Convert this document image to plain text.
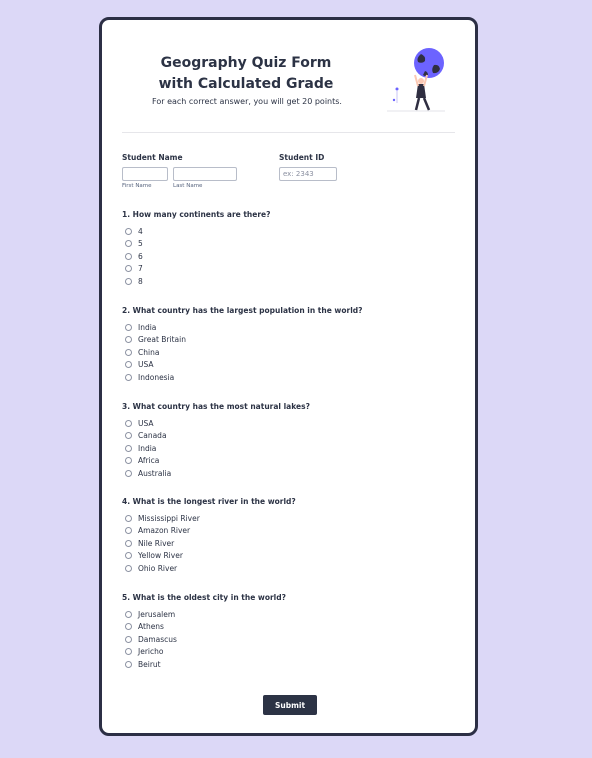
Geography Quiz Form with Calculated Grade
For each correct answer, you will get 20 points.
Student Name
First Name	Last Name
Student ID
ex: 2343
1. How many continents are there?
4
5
6
7
8
2. What country has the largest population in the world?
India
Great Britain
China
USA
Indonesia
3. What country has the most natural lakes?
USA
Canada
India
Africa
Australia
4. What is the longest river in the world?
Mississippi River
Amazon River
Nile River
Yellow River
Ohio River
5. What is the oldest city in the world?
Jerusalem
Athens
Damascus
Jericho
Beirut
Submit
